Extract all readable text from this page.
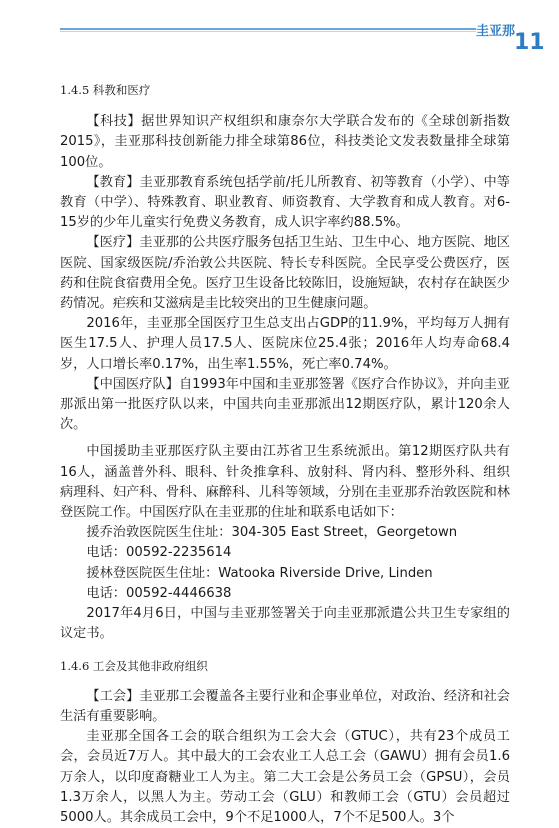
圭亚那
11
1.4.5 科教和医疗

【科技】据世界知识产权组织和康奈尔大学联合发布的《全球创新指数2015》，圭亚那科技创新能力排全球第86位，科技类论文发表数量排全球第100位。

【教育】圭亚那教育系统包括学前/托儿所教育、初等教育（小学）、中等教育（中学）、特殊教育、职业教育、师资教育、大学教育和成人教育。对6-15岁的少年儿童实行免费义务教育，成人识字率约88.5%。

【医疗】圭亚那的公共医疗服务包括卫生站、卫生中心、地方医院、地区医院、国家级医院/乔治敦公共医院、特长专科医院。全民享受公费医疗，医药和住院食宿费用全免。医疗卫生设备比较陈旧，设施短缺，农村存在缺医少药情况。疟疾和艾滋病是圭比较突出的卫生健康问题。

2016年，圭亚那全国医疗卫生总支出占GDP的11.9%，平均每万人拥有医生17.5人、护理人员17.5人、医院床位25.4张；2016年人均寿命68.4岁，人口增长率0.17%，出生率1.55%，死亡率0.74%。

【中国医疗队】自1993年中国和圭亚那签署《医疗合作协议》，并向圭亚那派出第一批医疗队以来，中国共向圭亚那派出12期医疗队，累计120余人次。

中国援助圭亚那医疗队主要由江苏省卫生系统派出。第12期医疗队共有16人，涵盖普外科、眼科、针灸推拿科、放射科、肾内科、整形外科、组织病理科、妇产科、骨科、麻醉科、儿科等领域，分别在圭亚那乔治敦医院和林登医院工作。中国医疗队在圭亚那的住址和联系电话如下：

援乔治敦医院医生住址：304-305 East Street，Georgetown
电话：00592-2235614
援林登医院医生住址：Watooka Riverside Drive, Linden
电话：00592-4446638

2017年4月6日，中国与圭亚那签署关于向圭亚那派遣公共卫生专家组的议定书。

1.4.6 工会及其他非政府组织

【工会】圭亚那工会覆盖各主要行业和企事业单位，对政治、经济和社会生活有重要影响。

圭亚那全国各工会的联合组织为工会大会（GTUC），共有23个成员工会，会员近7万人。其中最大的工会农业工人总工会（GAWU）拥有会员1.6万余人，以印度裔糖业工人为主。第二大工会是公务员工会（GPSU），会员1.3万余人，以黑人为主。劳动工会（GLU）和教师工会（GTU）会员超过5000人。其余成员工会中，9个不足1000人，7个不足500人。3个
